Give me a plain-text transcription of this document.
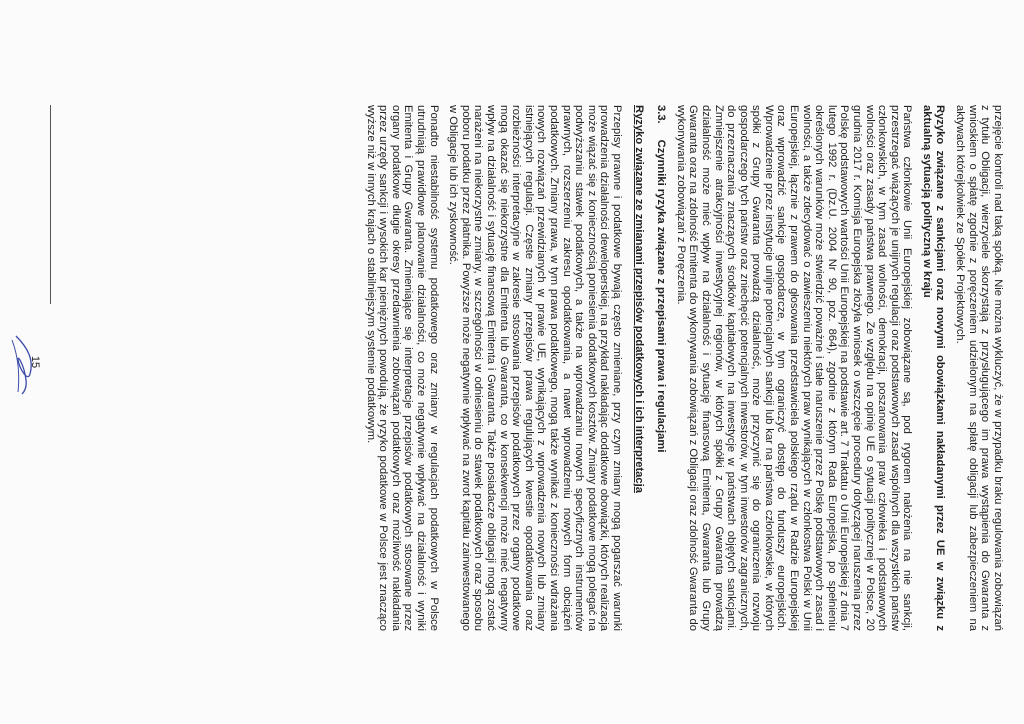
przejęcie kontroli nad taką spółką. Nie można wykluczyć, że w przypadku braku regulowania zobowiązań z tytułu Obligacji, wierzyciele skorzystają z przysługującego im prawa wystąpienia do Gwaranta z wnioskiem o spłatę zgodnie z poręczeniem udzielonym na spłatę obligacji lub zabezpieczeniem na aktywach którejkolwiek ze Spółek Projektowych.

Ryzyko związane z sankcjami oraz nowymi obowiązkami nakładanymi przez UE w związku z aktualną sytuacją polityczną w kraju

Państwa członkowie Unii Europejskiej zobowiązane są, pod rygorem nałożenia na nie sankcji, przestrzegać wiążących je unijnych regulacji oraz podstawowych zasad wspólnych dla wszystkich państw członkowskich, w tym zasad wolności, demokracji, poszanowania praw człowieka i podstawowych wolności oraz zasady państwa prawnego. Ze względu na opinię UE o sytuacji politycznej w Polsce, 20 grudnia 2017 r. Komisja Europejska złożyła wniosek o wszczęcie procedury dotyczącej naruszenia przez Polskę podstawowych wartości Unii Europejskiej na podstawie art. 7 Traktatu o Unii Europejskiej z dnia 7 lutego 1992 r. (Dz.U. 2004 Nr 90, poz. 864), zgodnie z którym Rada Europejska, po spełnieniu określonych warunków może stwierdzić poważne i stałe naruszenie przez Polskę podstawowych zasad i wolności, a także zdecydować o zawieszeniu niektórych praw wynikających w członkostwa Polski w Unii Europejskiej, łącznie z prawem do głosowania przedstawiciela polskiego rządu w Radzie Europejskiej oraz wprowadzić sankcje gospodarcze, w tym ograniczyć dostęp do funduszy europejskich. Wprowadzenie przez instytucje unijne potencjalnych sankcji lub kar na państwa członkowskie, w których spółki z Grupy Gwaranta prowadzą działalność, może przyczynić się do ograniczenia rozwoju gospodarczego tych państw oraz zniechęcić potencjalnych inwestorów, w tym inwestorów zagranicznych, do przeznaczania znaczących środków kapitałowych na inwestycje w państwach objętych sankcjami. Zmniejszenie atrakcyjności inwestycyjnej regionów, w których spółki z Grupy Gwaranta prowadzą działalność może mieć wpływ na działalność i sytuację finansową Emitenta, Gwaranta lub Grupy Gwaranta oraz na zdolność Emitenta do wykonywania zobowiązań z Obligacji oraz zdolność Gwaranta do wykonywania zobowiązań z Poręczenia.

3.3.
Czynniki ryzyka związane z przepisami prawa i regulacjami
Ryzyko związane ze zmianami przepisów podatkowych i ich interpretacja

Przepisy prawne i podatkowe bywają często zmieniane, przy czym zmiany mogą pogarszać warunki prowadzenia działalności deweloperskiej, na przykład nakładając dodatkowe obowiązki, których realizacja może wiązać się z koniecznością poniesienia dodatkowych kosztów. Zmiany podatkowe mogą polegać na podwyższaniu stawek podatkowych, a także na wprowadzaniu nowych specyficznych instrumentów prawnych, rozszerzeniu zakresu opodatkowania, a nawet wprowadzeniu nowych form obciążeń podatkowych. Zmiany prawa, w tym prawa podatkowego, mogą także wynikać z konieczności wdrażania nowych rozwiązań przewidzianych w prawie UE, wynikających z wprowadzenia nowych lub zmiany istniejących regulacji. Częste zmiany przepisów prawa regulujących kwestie opodatkowania oraz rozbieżności interpretacyjne w zakresie stosowania przepisów podatkowych przez organy podatkowe mogą okazać się niekorzystne dla Emitenta lub Gwaranta, co w konsekwencji może mieć negatywny wpływ na działalność i sytuację finansową Emitenta i Gwaranta. Także posiadacze obligacji mogą zostać narażeni na niekorzystne zmiany, w szczególności w odniesieniu do stawek podatkowych oraz sposobu poboru podatku przez płatnika. Powyższe może negatywnie wpływać na zwrot kapitału zainwestowanego w Obligacje lub ich zyskowność.

Ponadto niestabilność systemu podatkowego oraz zmiany w regulacjach podatkowych w Polsce utrudniają prawidłowe planowanie działalności, co może negatywnie wpływać na działalność i wyniki Emitenta i Grupy Gwaranta. Zmieniające się interpretacje przepisów podatkowych stosowane przez organy podatkowe długie okresy przedawnienia zobowiązań podatkowych oraz możliwość nakładania przez urzędy sankcji i wysokich kar pieniężnych powodują, że ryzyko podatkowe w Polsce jest znacząco wyższe niż w innych krajach o stabilniejszym systemie podatkowym.

15
